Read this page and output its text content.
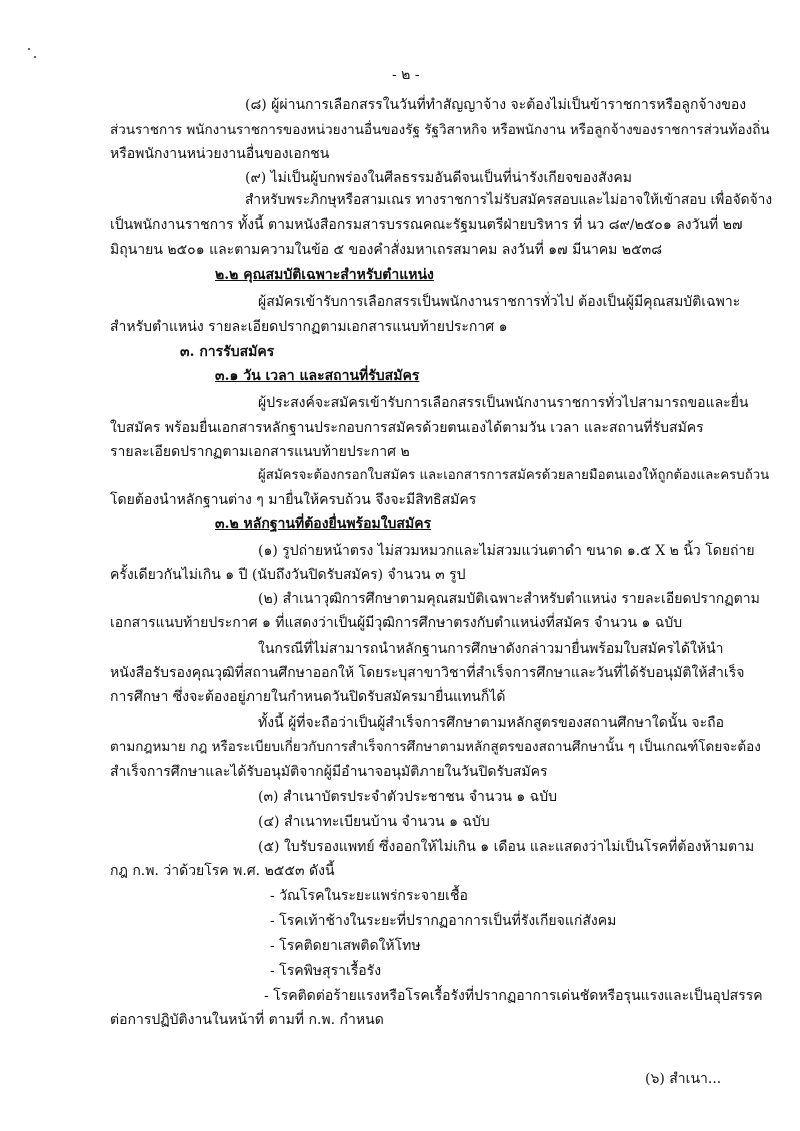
- ๒ -
(๘) ผู้ผ่านการเลือกสรรในวันที่ทำสัญญาจ้าง จะต้องไม่เป็นข้าราชการหรือลูกจ้างของ
ส่วนราชการ พนักงานราชการของหน่วยงานอื่นของรัฐ รัฐวิสาหกิจ หรือพนักงาน หรือลูกจ้างของราชการส่วนท้องถิ่น
หรือพนักงานหน่วยงานอื่นของเอกชน
(๙) ไม่เป็นผู้บกพร่องในศีลธรรมอันดีจนเป็นที่น่ารังเกียจของสังคม
สำหรับพระภิกษุหรือสามเณร ทางราชการไม่รับสมัครสอบและไม่อาจให้เข้าสอบ เพื่อจัดจ้าง
เป็นพนักงานราชการ ทั้งนี้ ตามหนังสือกรมสารบรรณคณะรัฐมนตรีฝ่ายบริหาร ที่ นว ๘๙/๒๕๐๑ ลงวันที่ ๒๗
มิถุนายน ๒๕๐๑ และตามความในข้อ ๕ ของคำสั่งมหาเถรสมาคม ลงวันที่ ๑๗ มีนาคม ๒๕๓๘
๒.๒ คุณสมบัติเฉพาะสำหรับตำแหน่ง
ผู้สมัครเข้ารับการเลือกสรรเป็นพนักงานราชการทั่วไป ต้องเป็นผู้มีคุณสมบัติเฉพาะ
สำหรับตำแหน่ง รายละเอียดปรากฏตามเอกสารแนบท้ายประกาศ ๑
๓. การรับสมัคร
๓.๑ วัน เวลา และสถานที่รับสมัคร
ผู้ประสงค์จะสมัครเข้ารับการเลือกสรรเป็นพนักงานราชการทั่วไปสามารถขอและยื่น
ใบสมัคร พร้อมยื่นเอกสารหลักฐานประกอบการสมัครด้วยตนเองได้ตามวัน เวลา และสถานที่รับสมัคร
รายละเอียดปรากฏตามเอกสารแนบท้ายประกาศ ๒
ผู้สมัครจะต้องกรอกใบสมัคร และเอกสารการสมัครด้วยลายมือตนเองให้ถูกต้องและครบถ้วน
โดยต้องนำหลักฐานต่าง ๆ มายื่นให้ครบถ้วน จึงจะมีสิทธิสมัคร
๓.๒ หลักฐานที่ต้องยื่นพร้อมใบสมัคร
(๑) รูปถ่ายหน้าตรง ไม่สวมหมวกและไม่สวมแว่นตาดำ ขนาด ๑.๕ X ๒ นิ้ว โดยถ่าย
ครั้งเดียวกันไม่เกิน ๑ ปี (นับถึงวันปิดรับสมัคร) จำนวน ๓ รูป
(๒) สำเนาวุฒิการศึกษาตามคุณสมบัติเฉพาะสำหรับตำแหน่ง รายละเอียดปรากฏตาม
เอกสารแนบท้ายประกาศ ๑ ที่แสดงว่าเป็นผู้มีวุฒิการศึกษาตรงกับตำแหน่งที่สมัคร จำนวน ๑ ฉบับ
ในกรณีที่ไม่สามารถนำหลักฐานการศึกษาดังกล่าวมายื่นพร้อมใบสมัครได้ให้นำ
หนังสือรับรองคุณวุฒิที่สถานศึกษาออกให้ โดยระบุสาขาวิชาที่สำเร็จการศึกษาและวันที่ได้รับอนุมัติให้สำเร็จ
การศึกษา ซึ่งจะต้องอยู่ภายในกำหนดวันปิดรับสมัครมายื่นแทนก็ได้
ทั้งนี้ ผู้ที่จะถือว่าเป็นผู้สำเร็จการศึกษาตามหลักสูตรของสถานศึกษาใดนั้น จะถือ
ตามกฎหมาย กฎ หรือระเบียบเกี่ยวกับการสำเร็จการศึกษาตามหลักสูตรของสถานศึกษานั้น ๆ เป็นเกณฑ์โดยจะต้อง
สำเร็จการศึกษาและได้รับอนุมัติจากผู้มีอำนาจอนุมัติภายในวันปิดรับสมัคร
(๓) สำเนาบัตรประจำตัวประชาชน จำนวน ๑ ฉบับ
(๔) สำเนาทะเบียนบ้าน จำนวน ๑ ฉบับ
(๕) ใบรับรองแพทย์ ซึ่งออกให้ไม่เกิน ๑ เดือน และแสดงว่าไม่เป็นโรคที่ต้องห้ามตาม
กฎ ก.พ. ว่าด้วยโรค พ.ศ. ๒๕๕๓ ดังนี้
- วัณโรคในระยะแพร่กระจายเชื้อ
- โรคเท้าช้างในระยะที่ปรากฏอาการเป็นที่รังเกียจแก่สังคม
- โรคติดยาเสพติดให้โทษ
- โรคพิษสุราเรื้อรัง
- โรคติดต่อร้ายแรงหรือโรคเรื้อรังที่ปรากฏอาการเด่นชัดหรือรุนแรงและเป็นอุปสรรค
ต่อการปฏิบัติงานในหน้าที่ ตามที่ ก.พ. กำหนด
(๖) สำเนา...
